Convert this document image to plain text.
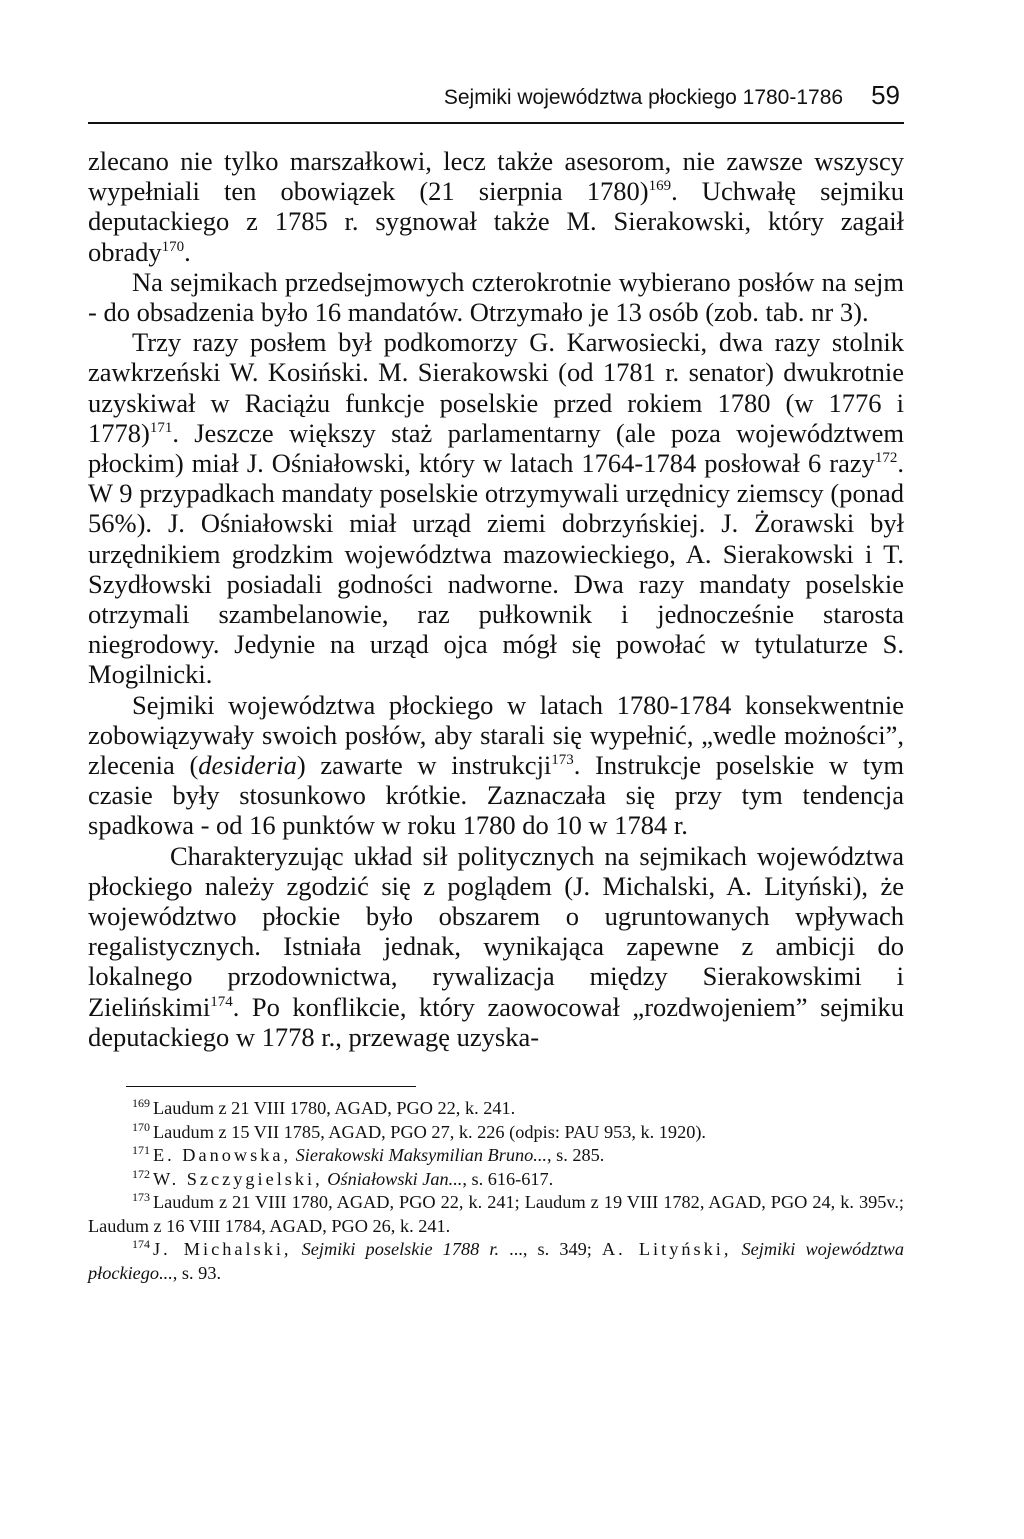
Sejmiki województwa płockiego 1780-1786 59

zlecano nie tylko marszałkowi, lecz także asesorom, nie zawsze wszyscy wypełniali ten obowiązek (21 sierpnia 1780)$^{169}$. Uchwałę sejmiku deputackiego z 1785 r. sygnował także M. Sierakowski, który zagaił obrady$^{170}$.

Na sejmikach przedsejmowych czterokrotnie wybierano posłów na sejm - do obsadzenia było 16 mandatów. Otrzymało je 13 osób (zob. tab. nr 3).

Trzy razy posłem był podkomorzy G. Karwosiecki, dwa razy stolnik zawkrzeński W. Kosiński. M. Sierakowski (od 1781 r. senator) dwukrotnie uzyskiwał w Raciążu funkcje poselskie przed rokiem 1780 (w 1776 i 1778)$^{171}$. Jeszcze większy staż parlamentarny (ale poza województwem płockim) miał J. Ośniałowski, który w latach 1764-1784 posłował 6 razy$^{172}$. W 9 przypadkach mandaty poselskie otrzymywali urzędnicy ziemscy (ponad 56%). J. Ośniałowski miał urząd ziemi dobrzyńskiej. J. Żorawski był urzędnikiem grodzkim województwa mazowieckiego, A. Sierakowski i T. Szydłowski posiadali godności nadworne. Dwa razy mandaty poselskie otrzymali szambelanowie, raz pułkownik i jednocześnie starosta niegrodowy. Jedynie na urząd ojca mógł się powołać w tytulaturze S. Mogilnicki.

Sejmiki województwa płockiego w latach 1780-1784 konsekwentnie zobowiązywały swoich posłów, aby starali się wypełnić, „wedle możności”, zlecenia (desideria) zawarte w instrukcji$^{173}$. Instrukcje poselskie w tym czasie były stosunkowo krótkie. Zaznaczała się przy tym tendencja spadkowa - od 16 punktów w roku 1780 do 10 w 1784 r.

Charakteryzując układ sił politycznych na sejmikach województwa płockiego należy zgodzić się z poglądem (J. Michalski, A. Lityński), że województwo płockie było obszarem o ugruntowanych wpływach regalistycznych. Istniała jednak, wynikająca zapewne z ambicji do lokalnego przodownictwa, rywalizacja między Sierakowskimi i Zielińskimi$^{174}$. Po konflikcie, który zaowocował „rozdwojeniem” sejmiku deputackiego w 1778 r., przewagę uzyska-

$^{169}$ Laudum z 21 VIII 1780, AGAD, PGO 22, k. 241.

$^{170}$ Laudum z 15 VII 1785, AGAD, PGO 27, k. 226 (odpis: PAU 953, k. 1920).

$^{171}$ E. Danowska, Sierakowski Maksymilian Bruno..., s. 285.

$^{172}$ W. Szczygielski, Ośniałowski Jan..., s. 616-617.

$^{173}$ Laudum z 21 VIII 1780, AGAD, PGO 22, k. 241; Laudum z 19 VIII 1782, AGAD, PGO 24, k. 395v.; Laudum z 16 VIII 1784, AGAD, PGO 26, k. 241.

$^{174}$ J. Michalski, Sejmiki poselskie 1788 r. ..., s. 349; A. Lityński, Sejmiki województwa płockiego..., s. 93.
